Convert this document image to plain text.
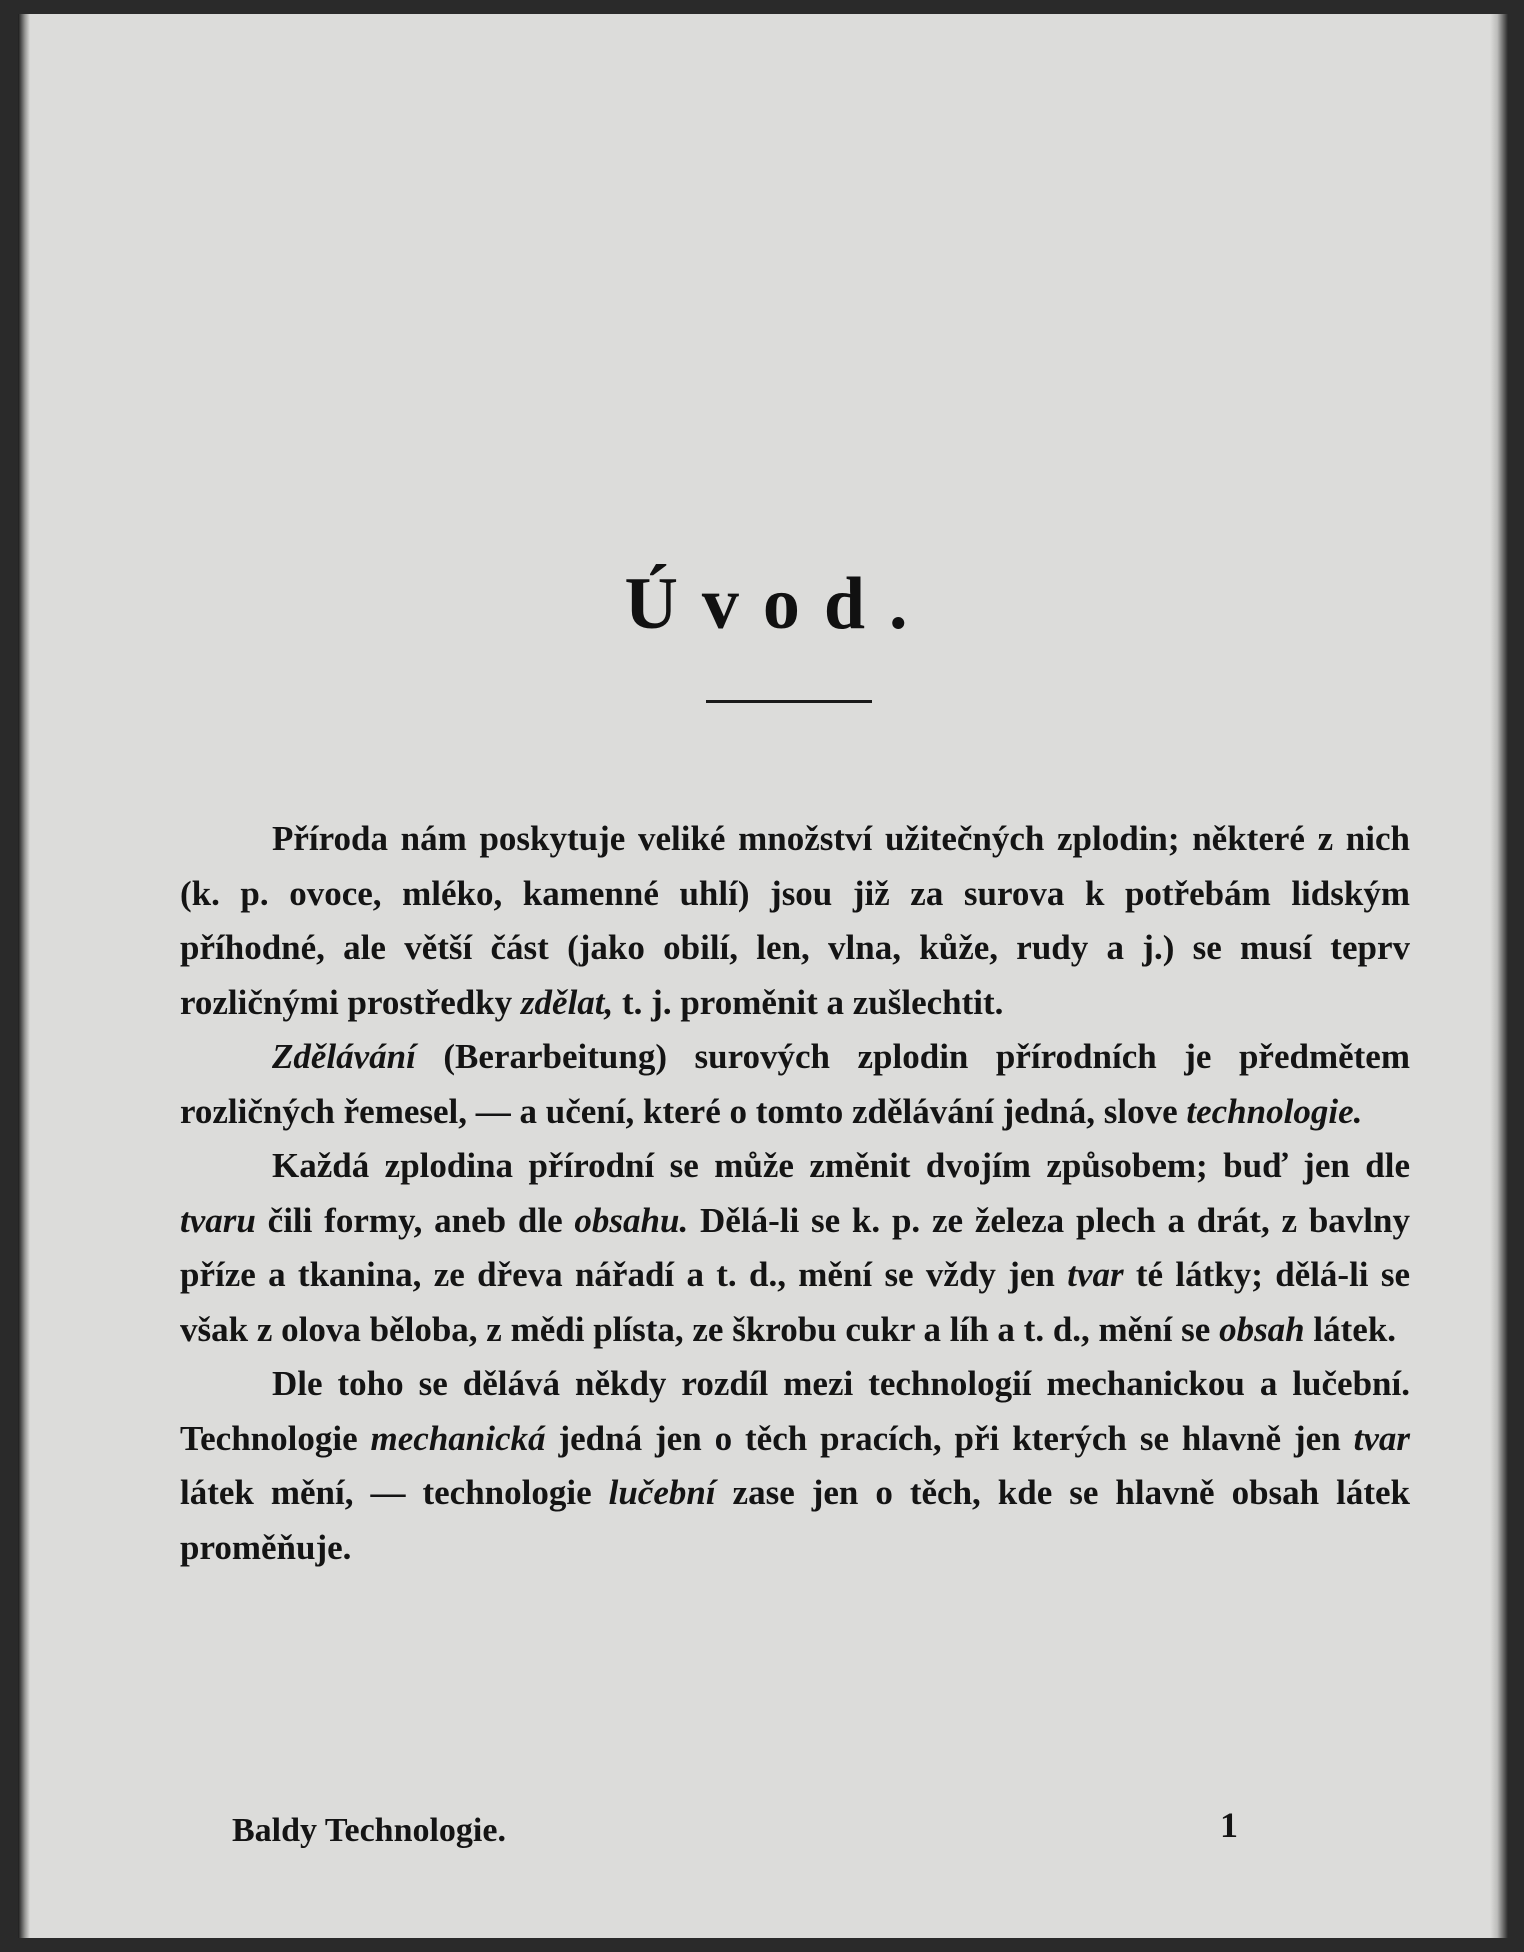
Úvod.

Příroda nám poskytuje veliké množství užitečných zplodin; některé z nich (k. p. ovoce, mléko, kamenné uhlí) jsou již za surova k potřebám lidským příhodné, ale větší část (jako obilí, len, vlna, kůže, rudy a j.) se musí teprv rozličnými prostředky zdělat, t. j. proměnit a zušlechtit.

Zdělávání (Berarbeitung) surových zplodin přírodních je předmětem rozličných řemesel, — a učení, které o tomto zdělávání jedná, slove technologie.

Každá zplodina přírodní se může změnit dvojím způsobem; buď jen dle tvaru čili formy, aneb dle obsahu. Dělá-li se k. p. ze železa plech a drát, z bavlny příze a tkanina, ze dřeva nářadí a t. d., mění se vždy jen tvar té látky; dělá-li se však z olova běloba, z mědi plísta, ze škrobu cukr a líh a t. d., mění se obsah látek.

Dle toho se dělává někdy rozdíl mezi technologií mechanickou a lučební. Technologie mechanická jedná jen o těch pracích, při kterých se hlavně jen tvar látek mění, — technologie lučební zase jen o těch, kde se hlavně obsah látek proměňuje.

Baldy Technologie.	1
